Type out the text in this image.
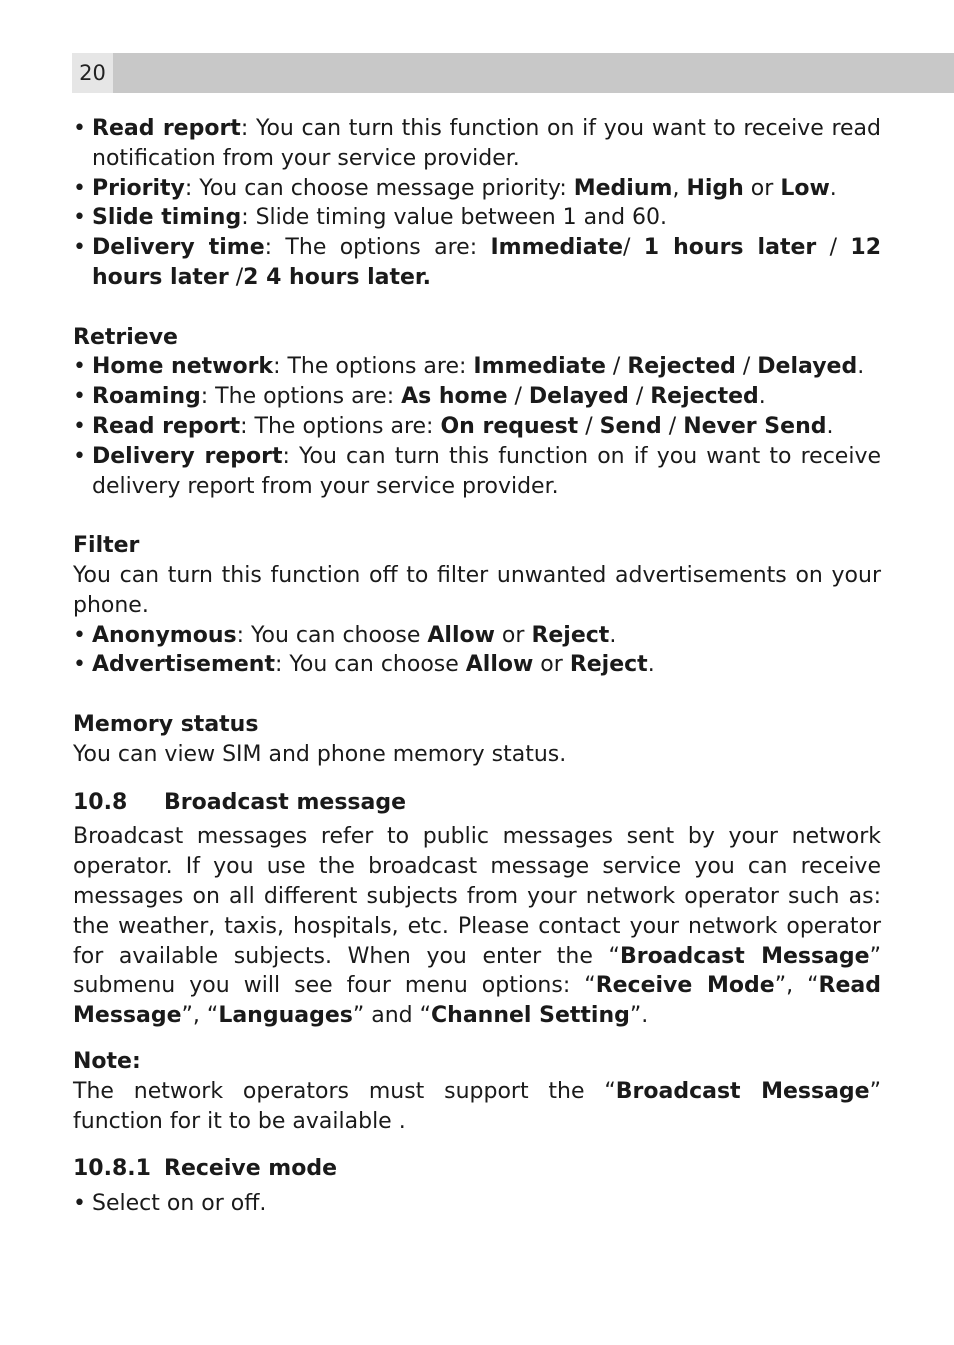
20
• Read report: You can turn this function on if you want to receive read notification from your service provider.
• Priority: You can choose message priority: Medium, High or Low.
• Slide timing: Slide timing value between 1 and 60.
• Delivery time: The options are: Immediate/ 1 hours later / 12 hours later /2 4 hours later.
Retrieve
• Home network: The options are: Immediate / Rejected / Delayed.
• Roaming: The options are: As home / Delayed / Rejected.
• Read report: The options are: On request / Send / Never Send.
• Delivery report: You can turn this function on if you want to receive delivery report from your service provider.
Filter
You can turn this function off to filter unwanted advertisements on your phone.
• Anonymous: You can choose Allow or Reject.
• Advertisement: You can choose Allow or Reject.
Memory status
You can view SIM and phone memory status.
10.8	Broadcast message
Broadcast messages refer to public messages sent by your network operator. If you use the broadcast message service you can receive messages on all different subjects from your network operator such as: the weather, taxis, hospitals, etc. Please contact your network operator for available subjects. When you enter the “Broadcast Message” submenu you will see four menu options: “Receive Mode”, “Read Message”, “Languages” and “Channel Setting”.
Note:
The network operators must support the “Broadcast Message” function for it to be available .
10.8.1 Receive mode
• Select on or off.
